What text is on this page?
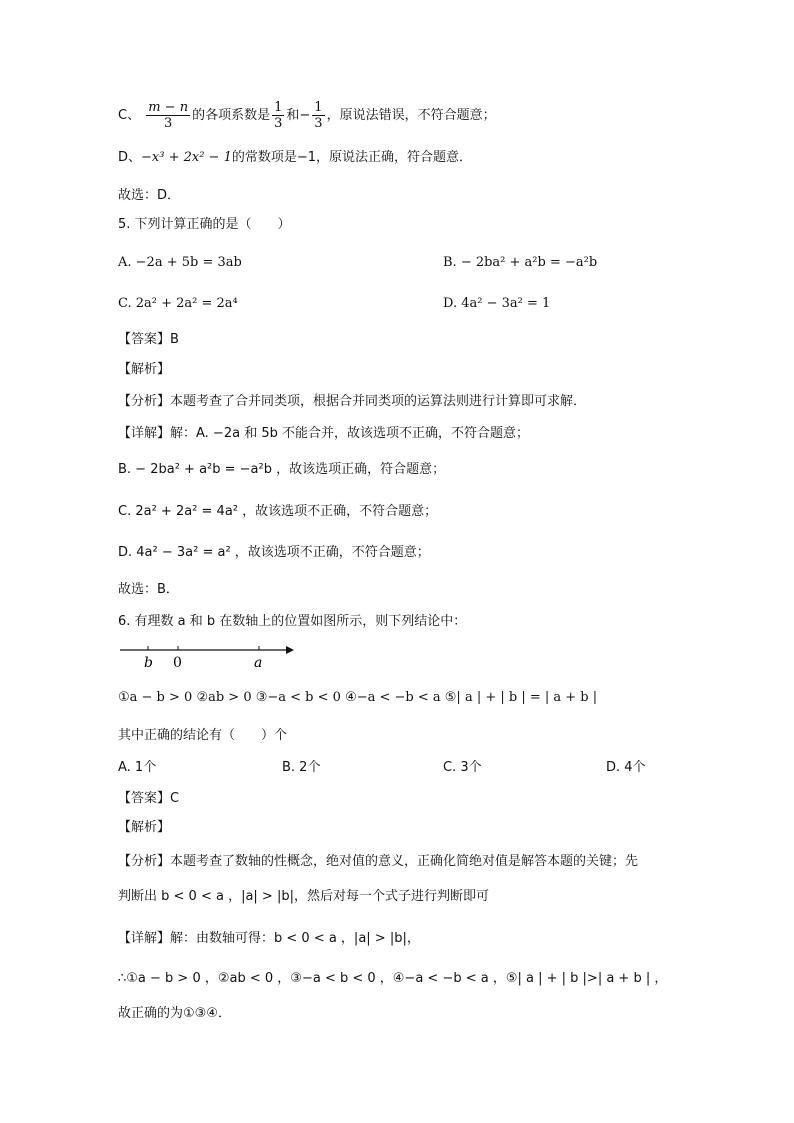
C、 $\frac{m - n}{3}$ 的各项系数是 $\frac{1}{3}$ 和− $\frac{1}{3}$ ，原说法错误，不符合题意；
D、−x³ + 2x² − 1的常数项是−1，原说法正确，符合题意．
故选：D．
5. 下列计算正确的是（　　）
A. −2a + 5b = 3ab	B. − 2ba² + a²b = −a²b
C. 2a² + 2a² = 2a⁴	D. 4a² − 3a² = 1
【答案】B
【解析】
【分析】本题考查了合并同类项，根据合并同类项的运算法则进行计算即可求解．
【详解】解：A. −2a 和 5b 不能合并，故该选项不正确，不符合题意；
B. − 2ba² + a²b = −a²b ，故该选项正确，符合题意；
C. 2a² + 2a² = 4a² ，故该选项不正确，不符合题意；
D. 4a² − 3a² = a² ，故该选项不正确，不符合题意；
故选：B．
6. 有理数 a 和 b 在数轴上的位置如图所示，则下列结论中：
b 0	a
①a − b > 0 ②ab > 0 ③−a < b < 0 ④−a < −b < a ⑤| a | + | b | = | a + b |
其中正确的结论有（　　）个
A. 1个	B. 2个	C. 3个	D. 4个
【答案】C
【解析】
【分析】本题考查了数轴的性概念，绝对值的意义，正确化简绝对值是解答本题的关键；先
判断出 b < 0 < a ，|a| > |b|，然后对每一个式子进行判断即可
【详解】解：由数轴可得：b < 0 < a ，|a| > |b|，
∴①a − b > 0 ，②ab < 0 ，③−a < b < 0 ，④−a < −b < a ，⑤| a | + | b |>| a + b | ，
故正确的为①③④．
